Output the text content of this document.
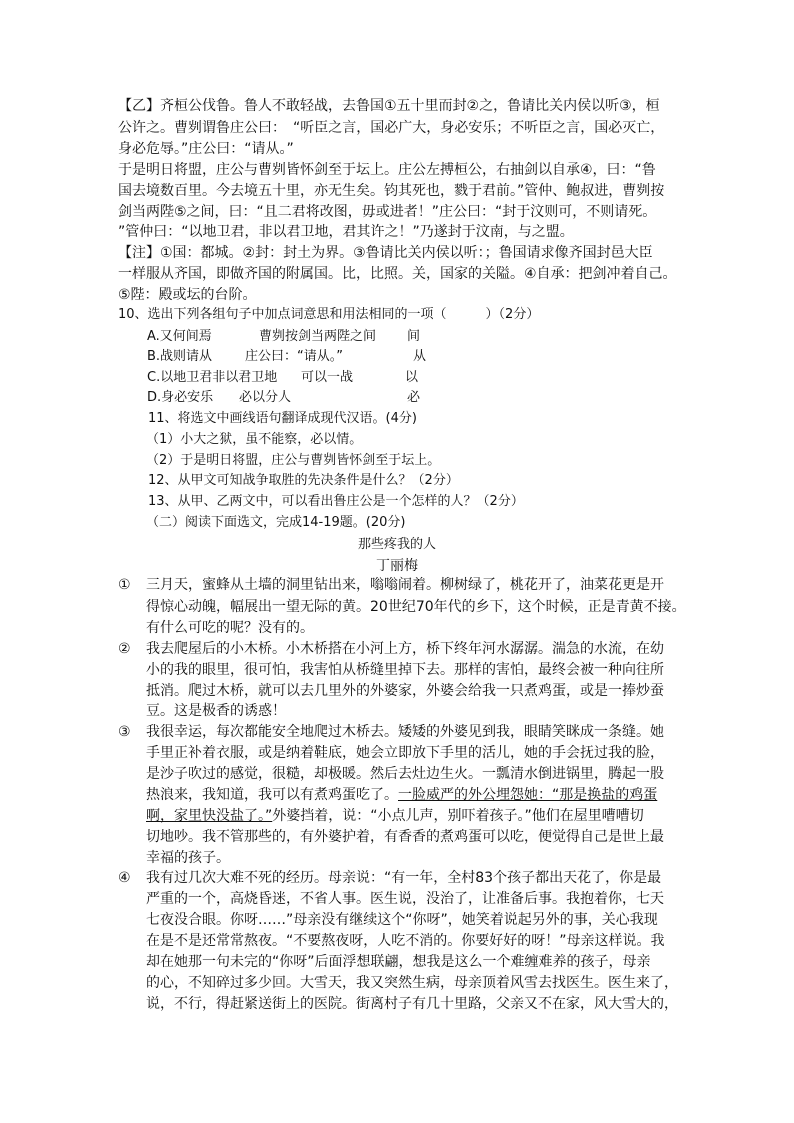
【乙】齐桓公伐鲁。鲁人不敢轻战，去鲁国①五十里而封②之，鲁请比关内侯以听③，桓
公许之。曹刿谓鲁庄公曰：　“听臣之言，国必广大，身必安乐；不听臣之言，国必灭亡，
身必危辱。”庄公曰：“请从。”
于是明日将盟，庄公与曹刿皆怀剑至于坛上。庄公左搏桓公，右抽剑以自承④，曰：“鲁
国去境数百里。今去境五十里，亦无生矣。钧其死也，戮于君前。”管仲、鲍叔进，曹刿按
剑当两陛⑤之间，曰：“且二君将改图，毋或进者！”庄公曰：“封于汶则可，不则请死。
”管仲曰：“以地卫君，非以君卫地，君其许之！”乃遂封于汶南，与之盟。
【注】①国：都城。②封：封土为界。③鲁请比关内侯以听：；鲁国请求像齐国封邑大臣
一样服从齐国，即做齐国的附属国。比，比照。关，国家的关隘。④自承：把剑冲着自己。
⑤陛：殿或坛的台阶。
10、选出下列各组句子中加点词意思和用法相同的一项（　　　）（2分）
A.又何间焉	曹刿按剑当两陛之间 间
B.战则请从	庄公曰：“请从。”	从
C.以地卫君非以君卫地 可以一战	以
D.身必安乐 必以分人	必
11、将选文中画线语句翻译成现代汉语。(4分)
（1）小大之狱，虽不能察，必以情。
（2）于是明日将盟，庄公与曹刿皆怀剑至于坛上。
12、从甲文可知战争取胜的先决条件是什么？（2分）
13、从甲、乙两文中，可以看出鲁庄公是一个怎样的人？（2分）
（二）阅读下面选文，完成14-19题。(20分)
那些疼我的人
丁丽梅
① 三月天，蜜蜂从土墙的洞里钻出来，嗡嗡闹着。柳树绿了，桃花开了，油菜花更是开
得惊心动魄，幅展出一望无际的黄。20世纪70年代的乡下，这个时候，正是青黄不接。
有什么可吃的呢？没有的。
② 我去爬屋后的小木桥。小木桥搭在小河上方，桥下终年河水潺潺。湍急的水流，在幼
小的我的眼里，很可怕，我害怕从桥缝里掉下去。那样的害怕，最终会被一种向往所
抵消。爬过木桥，就可以去几里外的外婆家，外婆会给我一只煮鸡蛋，或是一捧炒蚕
豆。这是极香的诱惑！
③ 我很幸运，每次都能安全地爬过木桥去。矮矮的外婆见到我，眼睛笑眯成一条缝。她
手里正补着衣服，或是纳着鞋底，她会立即放下手里的活儿，她的手会抚过我的脸，
是沙子吹过的感觉，很糙，却极暖。然后去灶边生火。一瓢清水倒进锅里，腾起一股
热浪来，我知道，我可以有煮鸡蛋吃了。一脸威严的外公埋怨她：“那是换盐的鸡蛋
啊，家里快没盐了。”外婆挡着，说：“小点儿声，别吓着孩子。”他们在屋里嘈嘈切
切地吵。我不管那些的，有外婆护着，有香香的煮鸡蛋可以吃，便觉得自己是世上最
幸福的孩子。
④ 我有过几次大难不死的经历。母亲说：“有一年，全村83个孩子都出天花了，你是最
严重的一个，高烧昏迷，不省人事。医生说，没治了，让准备后事。我抱着你，七天
七夜没合眼。你呀……”母亲没有继续这个“你呀”，她笑着说起另外的事，关心我现
在是不是还常常熬夜。“不要熬夜呀，人吃不消的。你要好好的呀！”母亲这样说。我
却在她那一句未完的“你呀”后面浮想联翩，想我是这么一个难缠难养的孩子，母亲
的心，不知碎过多少回。大雪天，我又突然生病，母亲顶着风雪去找医生。医生来了，
说，不行，得赶紧送街上的医院。街离村子有几十里路，父亲又不在家，风大雪大的，
